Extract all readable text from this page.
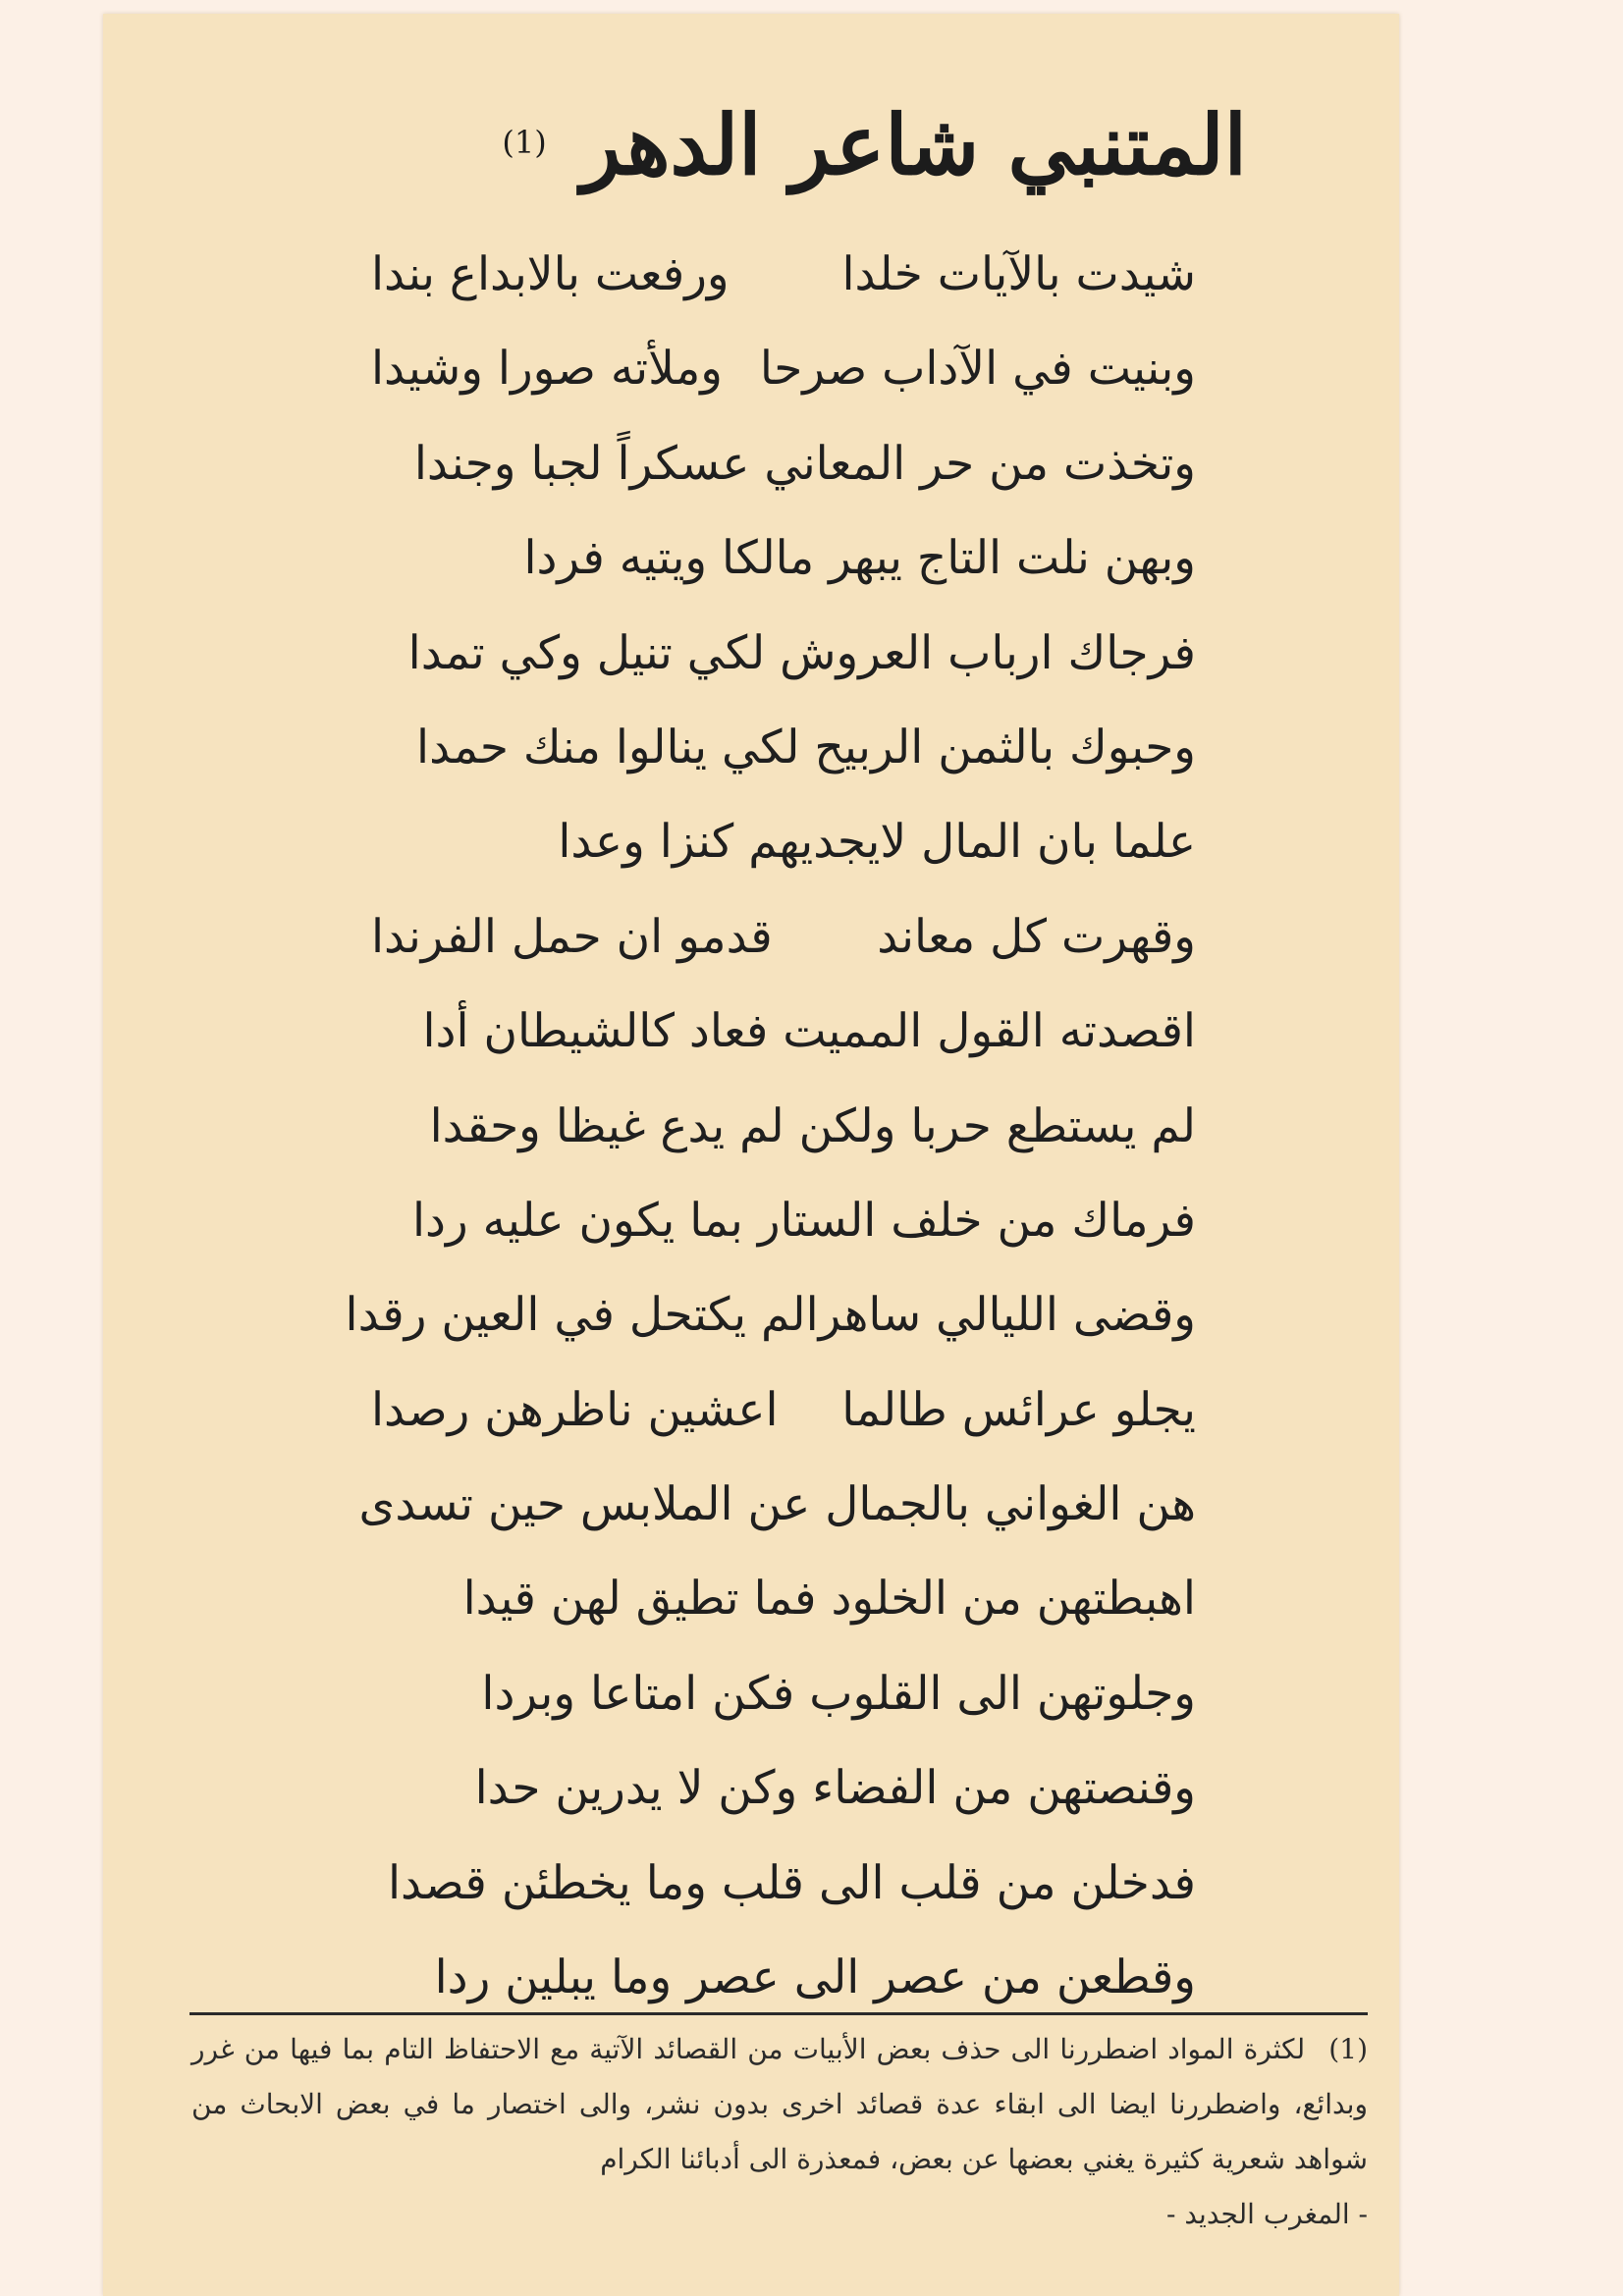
المتنبي شاعر الدهر (1)
شيدت بالآيات خلدا
ورفعت بالابداع بندا
وبنيت في الآداب صرحا
وملأته صورا وشيدا
وتخذت من حر المعاني عسكراً لجبا وجندا
وبهن نلت التاج يبهر مالكا ويتيه فردا
فرجاك ارباب العروش لكي تنيل وكي تمدا
وحبوك بالثمن الربيح لكي ينالوا منك حمدا
علما بان المال لايجديهم كنزا وعدا
وقهرت كل معاند
قدمو ان حمل الفرندا
اقصدته القول المميت فعاد كالشيطان أدا
لم يستطع حربا ولكن لم يدع غيظا وحقدا
فرماك من خلف الستار بما يكون عليه ردا
وقضى الليالي ساهرا
لم يكتحل في العين رقدا
يجلو عرائس طالما
اعشين ناظرهن رصدا
هن الغواني بالجمال عن الملابس حين تسدى
اهبطتهن من الخلود فما تطيق لهن قيدا
وجلوتهن الى القلوب فكن امتاعا وبردا
وقنصتهن من الفضاء وكن لا يدرين حدا
فدخلن من قلب الى قلب وما يخطئن قصدا
وقطعن من عصر الى عصر وما يبلين ردا
(1) لكثرة المواد اضطررنا الى حذف بعض الأبيات من القصائد الآتية مع الاحتفاظ التام بما فيها من غرر وبدائع، واضطررنا ايضا الى ابقاء عدة قصائد اخرى بدون نشر، والى اختصار ما في بعض الابحاث من شواهد شعرية كثيرة يغني بعضها عن بعض، فمعذرة الى أدبائنا الكرام
- المغرب الجديد -
